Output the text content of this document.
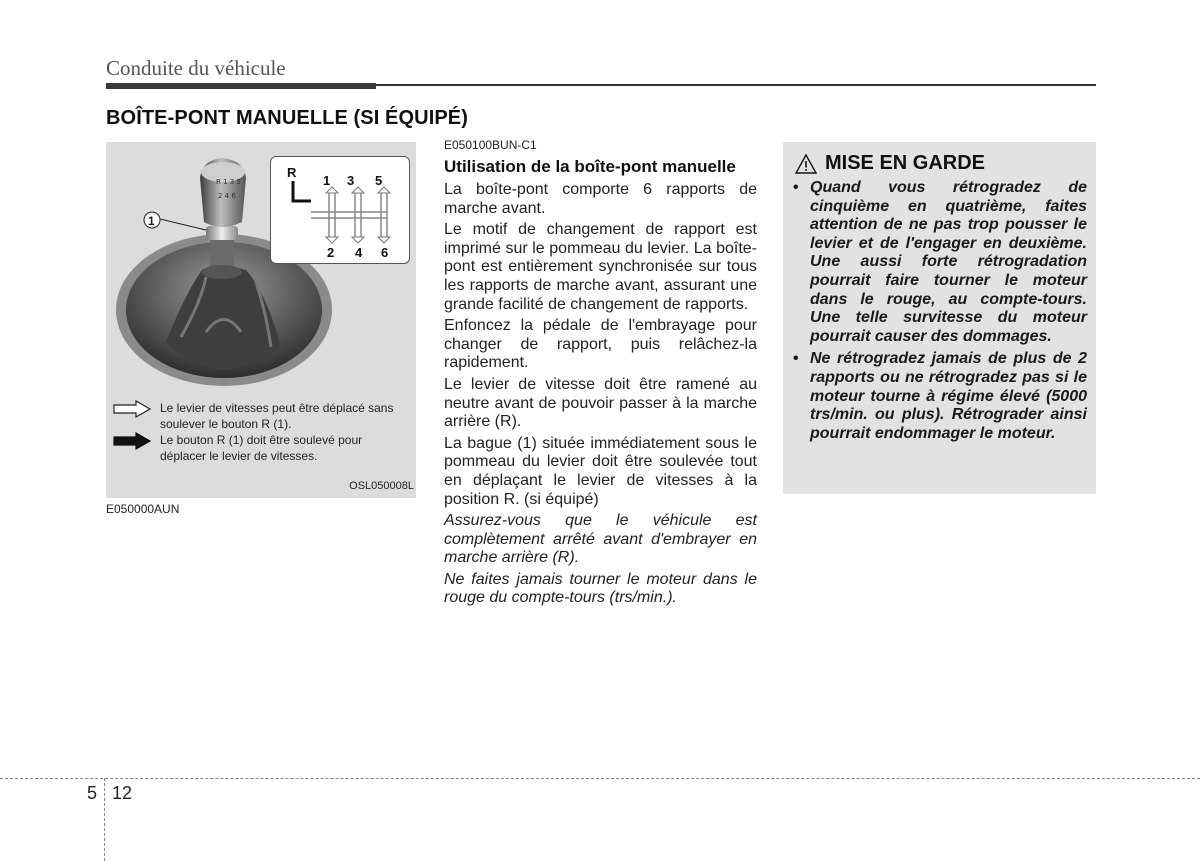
Conduite du véhicule
BOÎTE-PONT MANUELLE (SI ÉQUIPÉ)
R 1 3 5
2 4 6
1
R
1 3 5
2 4 6
Le levier de vitesses peut être déplacé sans soulever le bouton R (1).
Le bouton R (1) doit être soulevé pour déplacer le levier de vitesses.
OSL050008L
E050000AUN
E050100BUN-C1
Utilisation de la boîte-pont manuelle

La boîte-pont comporte 6 rapports de marche avant.

Le motif de changement de rapport est imprimé sur le pommeau du levier. La boîte-pont est entièrement synchronisée sur tous les rapports de marche avant, assurant une grande facilité de changement de rapports.

Enfoncez la pédale de l'embrayage pour changer de rapport, puis relâchez-la rapidement.

Le levier de vitesse doit être ramené au neutre avant de pouvoir passer à la marche arrière (R).

La bague (1) située immédiatement sous le pommeau du levier doit être soulevée tout en déplaçant le levier de vitesses à la position R. (si équipé)

Assurez-vous que le véhicule est complètement arrêté avant d'embrayer en marche arrière (R).

Ne faites jamais tourner le moteur dans le rouge du compte-tours (trs/min.).

MISE EN GARDE
• Quand vous rétrogradez de cinquième en quatrième, faites attention de ne pas trop pousser le levier et de l'engager en deuxième. Une aussi forte rétrogradation pourrait faire tourner le moteur dans le rouge, au compte-tours. Une telle survitesse du moteur pourrait causer des dommages.
• Ne rétrogradez jamais de plus de 2 rapports ou ne rétrogradez pas si le moteur tourne à régime élevé (5000 trs/min. ou plus). Rétrograder ainsi pourrait endommager le moteur.
5 12
